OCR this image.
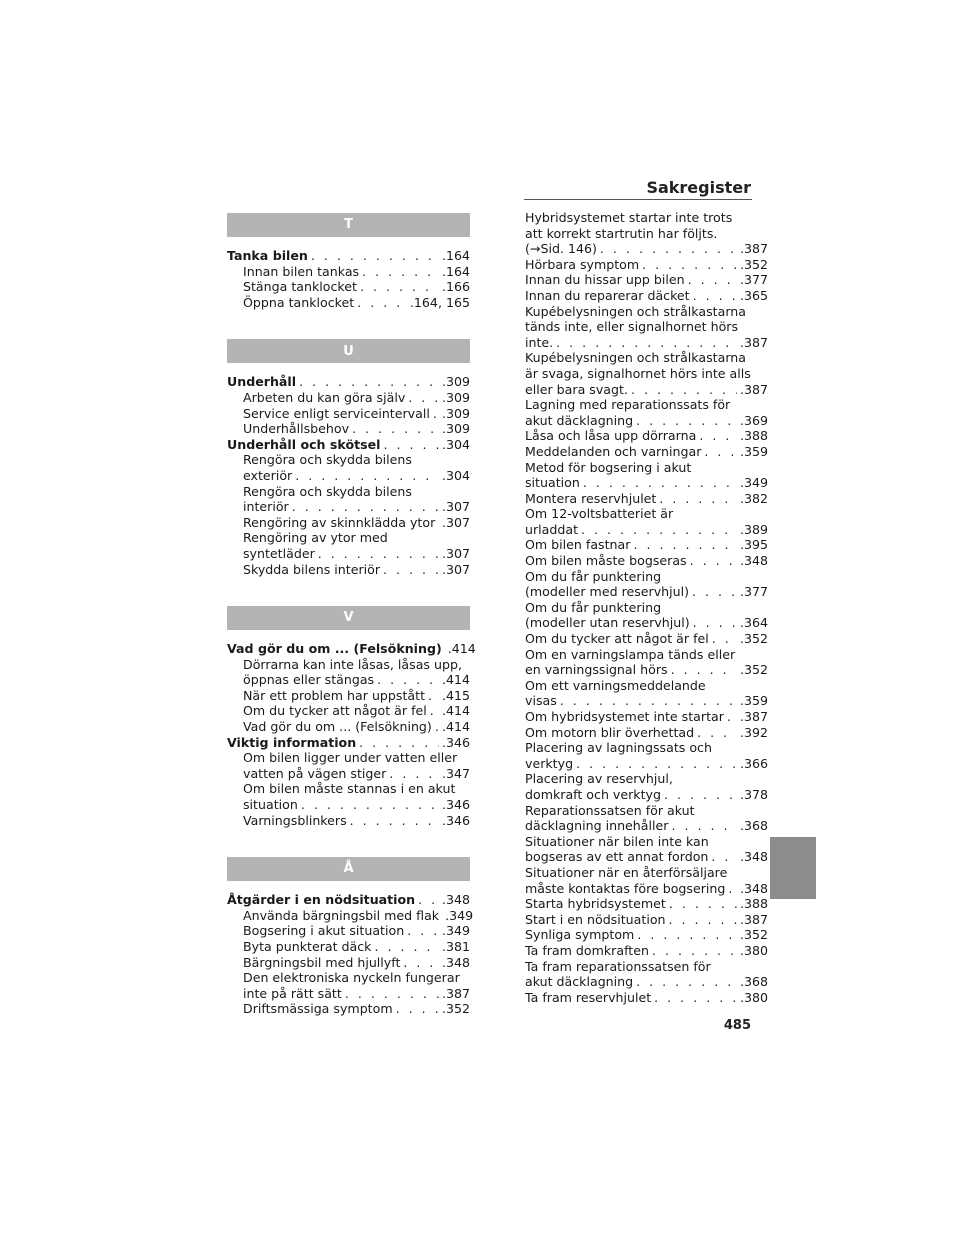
Sakregister
485
T
Tanka bilen . . .	.164
Innan bilen tankas . . .	.164
Stänga tanklocket . . .	.166
Öppna tanklocket . . .	.164, 165
U
Underhåll . . .	.309
Arbeten du kan göra själv . . .	.309
Service enligt serviceintervall . . . .309
Underhållsbehov . . .	.309
Underhåll och skötsel . . .	.304
Rengöra och skydda bilens
exteriör . . .	.304
Rengöra och skydda bilens
interiör . . .	.307
Rengöring av skinnklädda ytor . . . .307
Rengöring av ytor med
syntetläder . . .	.307
Skydda bilens interiör . . .	.307
V
Vad gör du om ... (Felsökning) .414
Dörrarna kan inte låsas, låsas upp,
öppnas eller stängas . . .	.414
När ett problem har uppstått . . . .415
Om du tycker att något är fel . . . .414
Vad gör du om ... (Felsökning) . . . .414
Viktig information . . .	.346
Om bilen ligger under vatten eller
vatten på vägen stiger . . .	.347
Om bilen måste stannas i en akut
situation . . .	.346
Varningsblinkers . . .	.346
Å
Åtgärder i en nödsituation . . . .348
Använda bärgningsbil med flak .349
Bogsering i akut situation . . .	.349
Byta punkterat däck . . .	.381
Bärgningsbil med hjullyft . . .	.348
Den elektroniska nyckeln fungerar
inte på rätt sätt . . .	.387
Driftsmässiga symptom . . .	.352
Hybridsystemet startar inte trots
att korrekt startrutin har följts.
(→Sid. 146) . . .	.387
Hörbara symptom . . .	.352
Innan du hissar upp bilen . . .	.377
Innan du reparerar däcket . . .	.365
Kupébelysningen och strålkastarna
tänds inte, eller signalhornet hörs
inte. . . .	.387
Kupébelysningen och strålkastarna
är svaga, signalhornet hörs inte alls
eller bara svagt. . . .	.387
Lagning med reparationssats för
akut däcklagning . . .	.369
Låsa och låsa upp dörrarna . . .	.388
Meddelanden och varningar . . .	.359
Metod för bogsering i akut
situation . . .	.349
Montera reservhjulet . . .	.382
Om 12-voltsbatteriet är
urladdat . . .	.389
Om bilen fastnar . . .	.395
Om bilen måste bogseras . . .	.348
Om du får punktering
(modeller med reservhjul) . . .	.377
Om du får punktering
(modeller utan reservhjul) . . .	.364
Om du tycker att något är fel . . . .352
Om en varningslampa tänds eller
en varningssignal hörs . . .	.352
Om ett varningsmeddelande
visas . . .	.359
Om hybridsystemet inte startar . . . .387
Om motorn blir överhettad . . .	.392
Placering av lagningssats och
verktyg . . .	.366
Placering av reservhjul,
domkraft och verktyg . . .	.378
Reparationssatsen för akut
däcklagning innehåller . . .	.368
Situationer när bilen inte kan
bogseras av ett annat fordon . . .	.348
Situationer när en återförsäljare
måste kontaktas före bogsering . . . .348
Starta hybridsystemet . . .	.388
Start i en nödsituation . . .	.387
Synliga symptom . . .	.352
Ta fram domkraften . . .	.380
Ta fram reparationssatsen för
akut däcklagning . . .	.368
Ta fram reservhjulet . . .	.380
